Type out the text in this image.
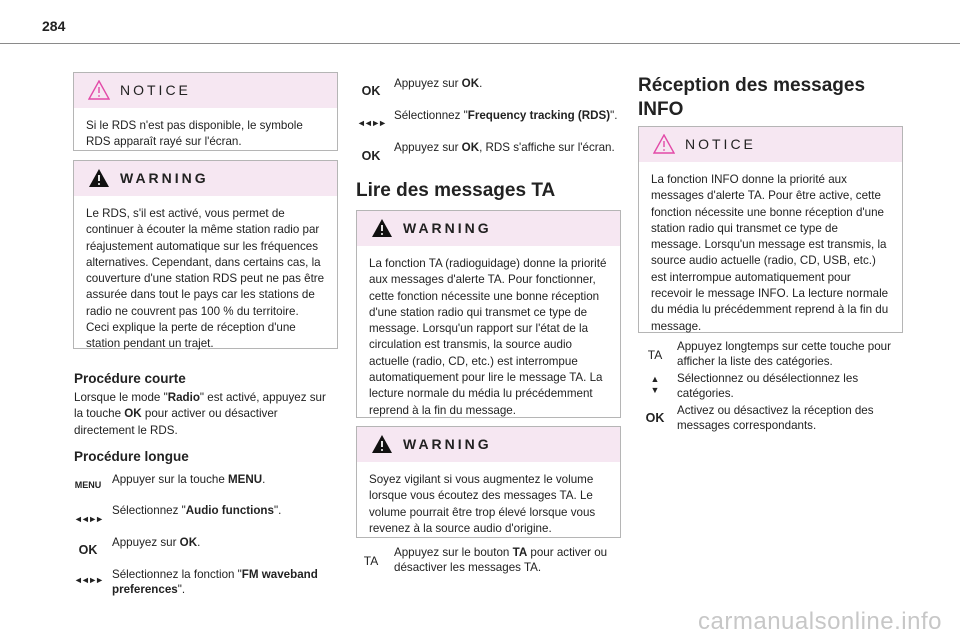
284
NOTICE
Si le RDS n'est pas disponible, le symbole RDS apparaît rayé sur l'écran.
WARNING
Le RDS, s'il est activé, vous permet de continuer à écouter la même station radio par réajustement automatique sur les fréquences alternatives. Cependant, dans certains cas, la couverture d'une station RDS peut ne pas être assurée dans tout le pays car les stations de radio ne couvrent pas 100 % du territoire. Ceci explique la perte de réception d'une station pendant un trajet.
Procédure courte
Lorsque le mode "Radio" est activé, appuyez sur la touche OK pour activer ou désactiver directement le RDS.
Procédure longue
MENU Appuyer sur la touche MENU.
◄◄ ►►
Sélectionnez "Audio functions".
OK
Appuyez sur OK.
◄◄ ►► Sélectionnez la fonction "FM waveband preferences".
OK
Appuyez sur OK.
◄◄ ►►
Sélectionnez "Frequency tracking (RDS)".
OK
Appuyez sur OK, RDS s'affiche sur l'écran.
Lire des messages TA
WARNING
La fonction TA (radioguidage) donne la priorité aux messages d'alerte TA. Pour fonctionner, cette fonction nécessite une bonne réception d'une station radio qui transmet ce type de message. Lorsqu'un rapport sur l'état de la circulation est transmis, la source audio actuelle (radio, CD, etc.) est interrompue automatiquement pour lire le message TA. La lecture normale du média lu précédemment reprend à la fin du message.
WARNING
Soyez vigilant si vous augmentez le volume lorsque vous écoutez des messages TA. Le volume pourrait être trop élevé lorsque vous revenez à la source audio d'origine.
TA
Appuyez sur le bouton TA pour activer ou désactiver les messages TA.
Réception des messages INFO
NOTICE
La fonction INFO donne la priorité aux messages d'alerte TA. Pour être active, cette fonction nécessite une bonne réception d'une station radio qui transmet ce type de message. Lorsqu'un message est transmis, la source audio actuelle (radio, CD, USB, etc.) est interrompue automatiquement pour recevoir le message INFO. La lecture normale du média lu précédemment reprend à la fin du message.
TA
Appuyez longtemps sur cette touche pour afficher la liste des catégories.
▲
▼
Sélectionnez ou désélectionnez les catégories.
OK
Activez ou désactivez la réception des messages correspondants.
carmanualsonline.info
